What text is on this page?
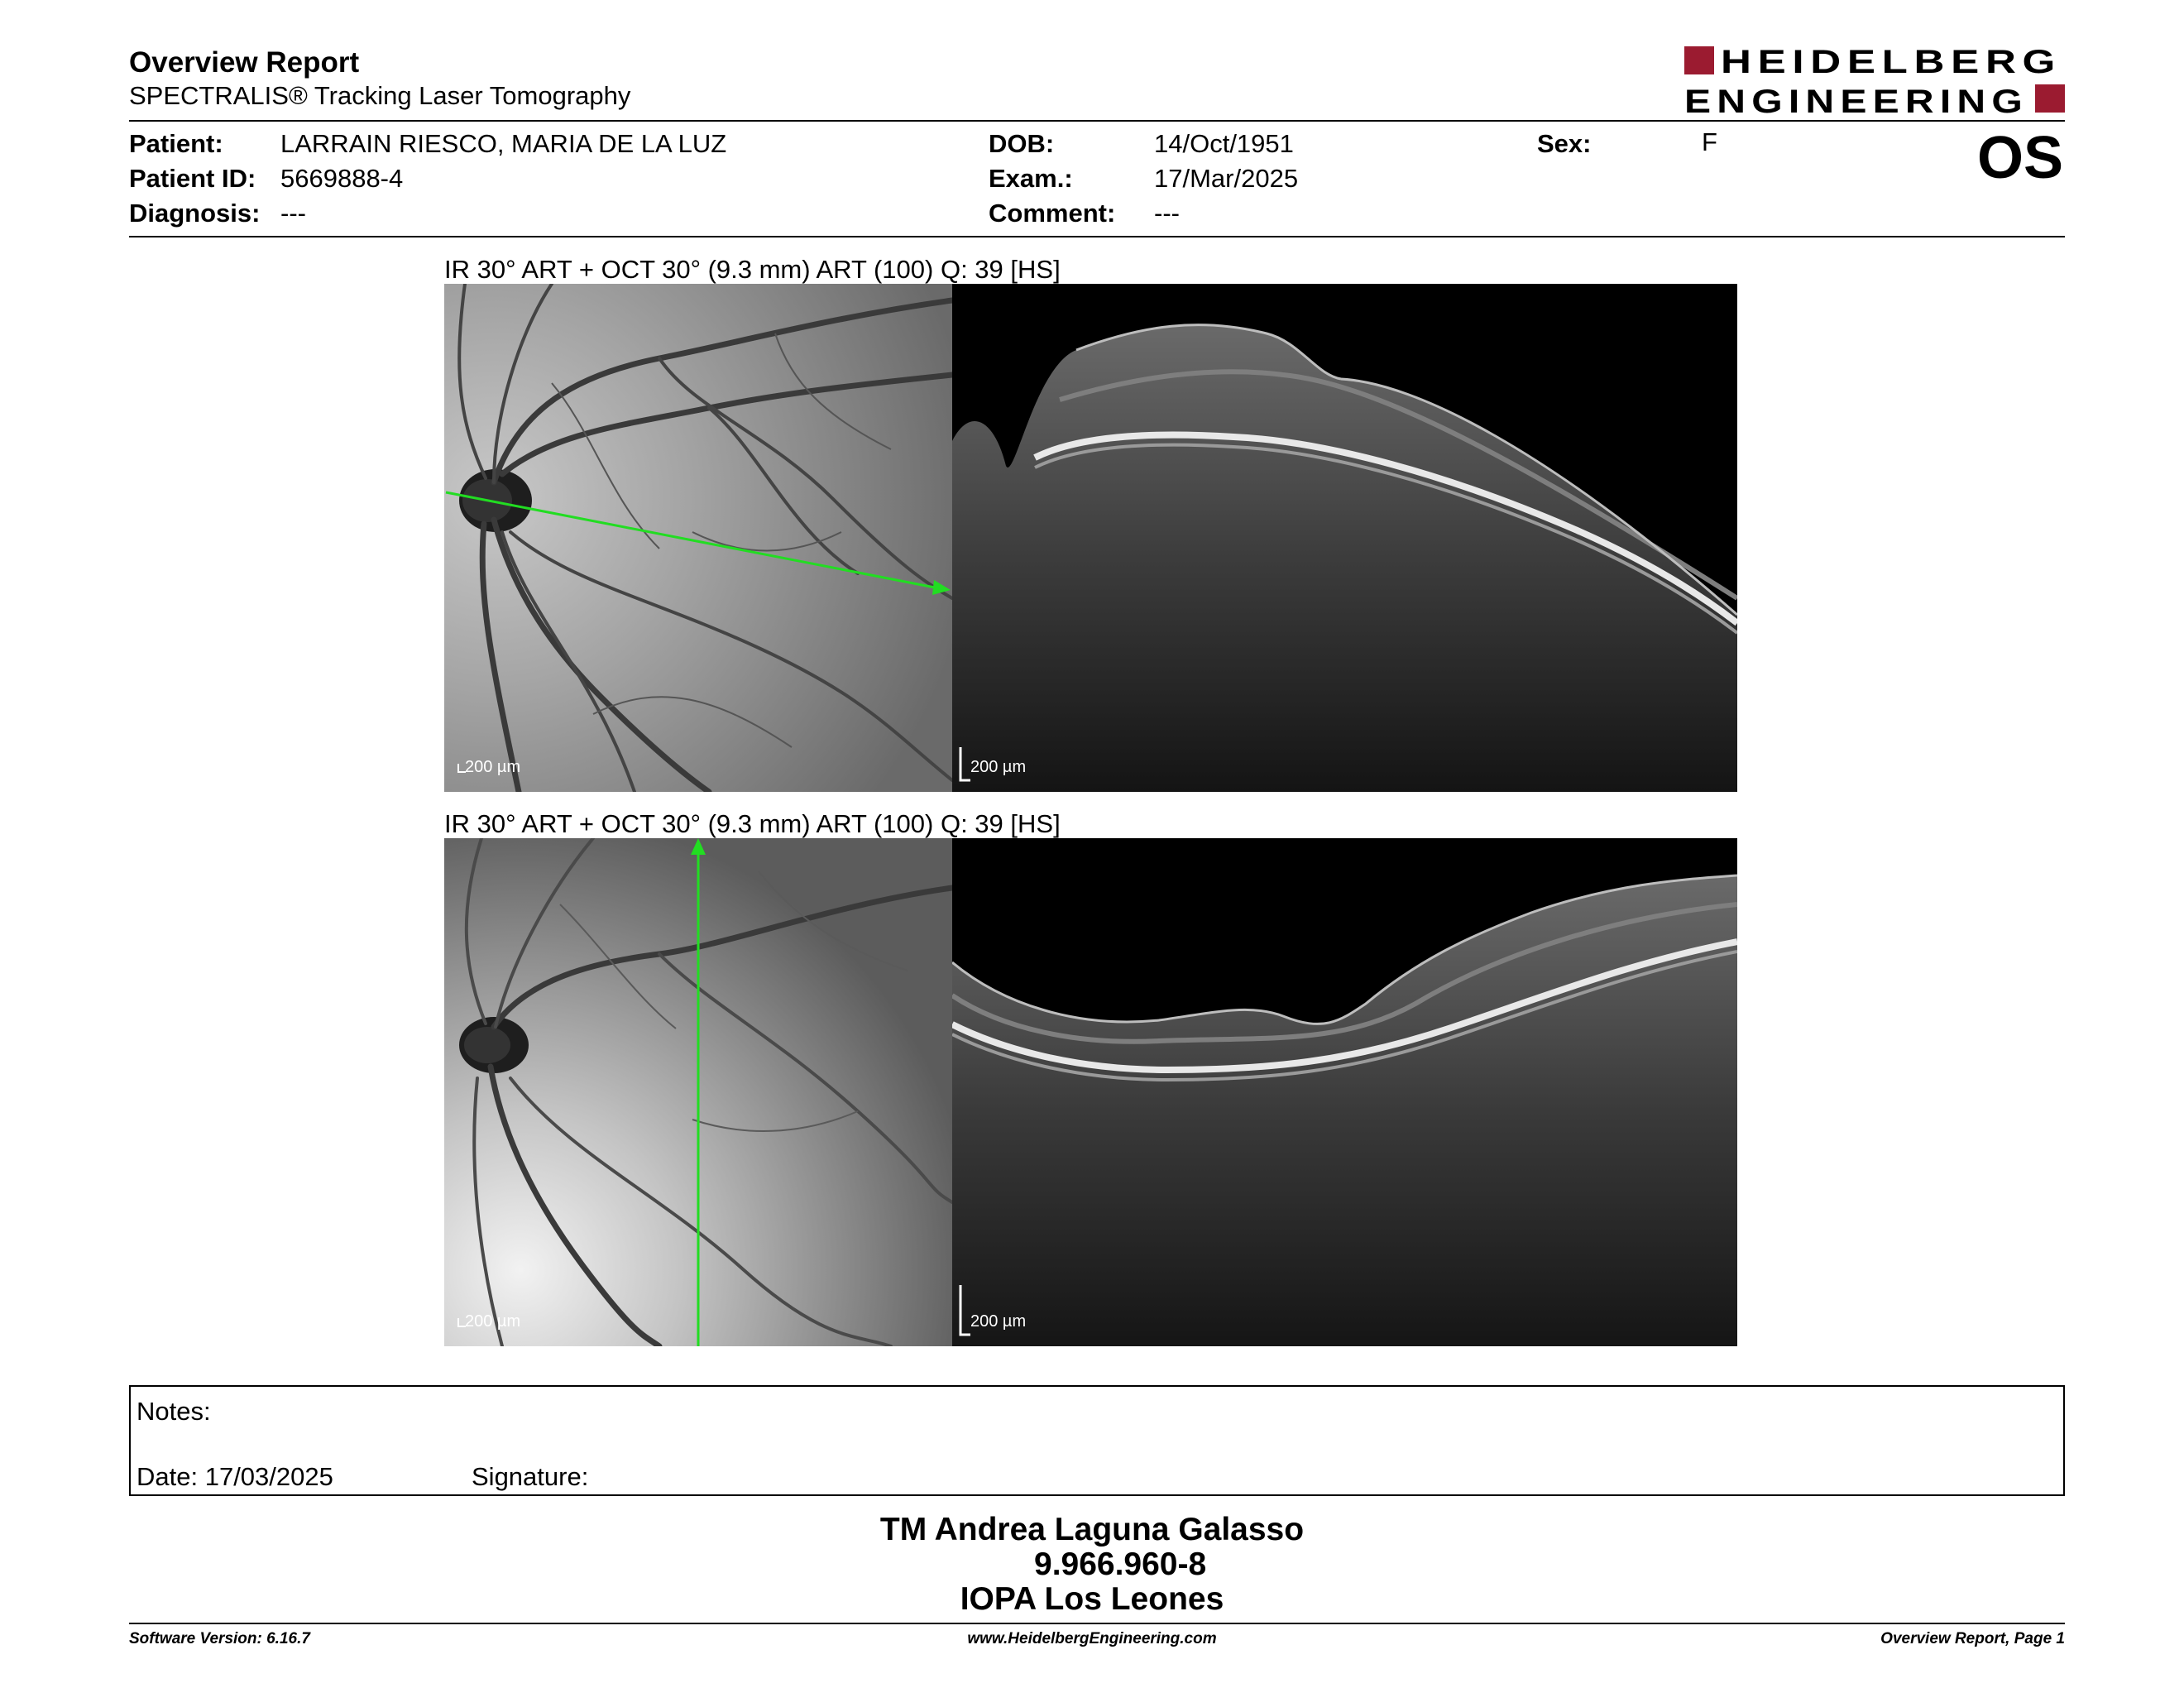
Overview Report
SPECTRALIS® Tracking Laser Tomography
HEIDELBERG
ENGINEERING
Patient: LARRAIN RIESCO, MARIA DE LA LUZ
Patient ID: 5669888-4
Diagnosis: ---
DOB:	14/Oct/1951
Exam.:	17/Mar/2025
Comment: ---
Sex:	F	OS
IR 30° ART + OCT 30° (9.3 mm) ART (100) Q: 39 [HS]
200 µm	200 µm
IR 30° ART + OCT 30° (9.3 mm) ART (100) Q: 39 [HS]
200 µm	200 µm
Notes:
Date: 17/03/2025	Signature:
TM Andrea Laguna Galasso
9.966.960-8
IOPA Los Leones
Software Version: 6.16.7	www.HeidelbergEngineering.com	Overview Report, Page 1
